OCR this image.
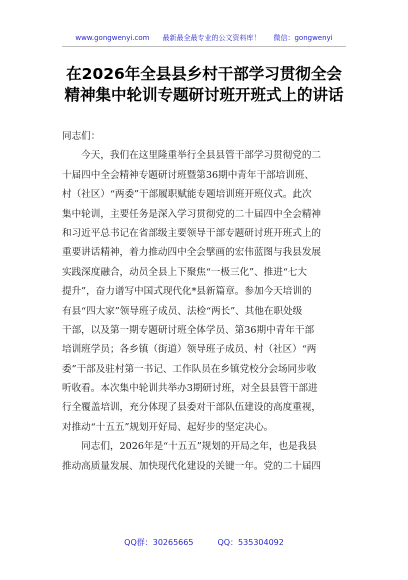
www.gongwenyi.com　 最新最全最专业的公文资料库！　 微信：gongwenyi
在2026年全县县乡村干部学习贯彻全会
精神集中轮训专题研讨班开班式上的讲话
同志们：
　　今天，我们在这里隆重举行全县县管干部学习贯彻党的二
十届四中全会精神专题研讨班暨第36期中青年干部培训班、
村（社区）“两委”干部履职赋能专题培训班开班仪式。此次
集中轮训，主要任务是深入学习贯彻党的二十届四中全会精神
和习近平总书记在省部级主要领导干部专题研讨班开班式上的
重要讲话精神，着力推动四中全会擘画的宏伟蓝图与我县发展
实践深度融合，动员全县上下聚焦“一极三化”、推进“七大
提升”，奋力谱写中国式现代化*县新篇章。参加今天培训的
有县“四大家”领导班子成员、法检“两长”、其他在职处级
干部，以及第一期专题研讨班全体学员、第36期中青年干部
培训班学员；各乡镇（街道）领导班子成员、村（社区）“两
委”干部及驻村第一书记、工作队员在乡镇党校分会场同步收
听收看。本次集中轮训共举办3期研讨班，对全县县管干部进
行全覆盖培训，充分体现了县委对干部队伍建设的高度重视，
对推动“十五五”规划开好局、起好步的坚定决心。
　　同志们，2026年是“十五五”规划的开局之年，也是我县
推动高质量发展、加快现代化建设的关键一年。党的二十届四
QQ群：30265665	QQ：535304092
